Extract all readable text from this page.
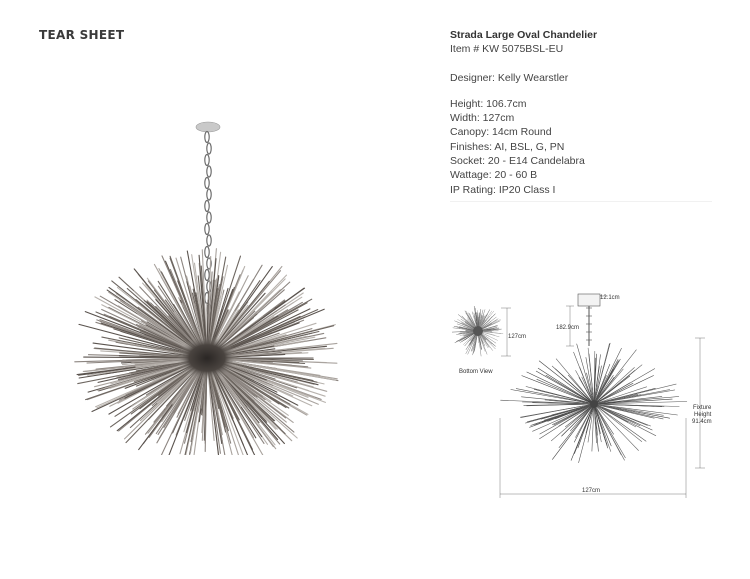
TEAR SHEET	Strada Large Oval Chandelier
Item # KW 5075BSL-EU
Designer: Kelly Wearstler
Height: 106.7cm
Width: 127cm
Canopy: 14cm Round
Finishes: AI, BSL, G, PN
Socket: 20 - E14 Candelabra
Wattage: 20 - 60 B
IP Rating: IP20 Class I
127cm
Bottom View
12.1cm
182.9cm
Fixture
Height
91.4cm
127cm
